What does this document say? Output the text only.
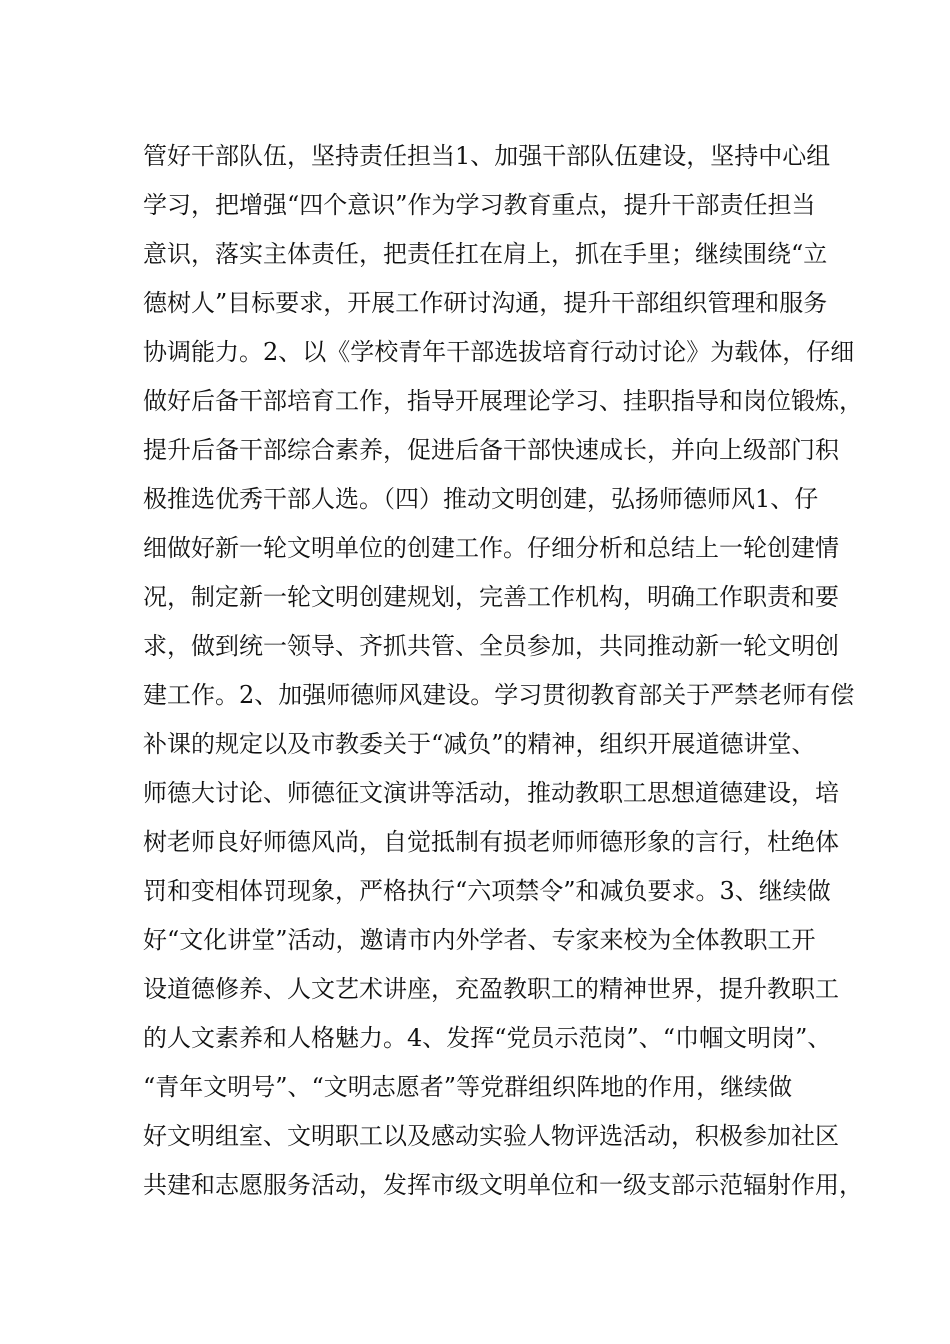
管好干部队伍，坚持责任担当1、加强干部队伍建设，坚持中心组
学习，把增强“四个意识”作为学习教育重点，提升干部责任担当
意识，落实主体责任，把责任扛在肩上，抓在手里；继续围绕“立
德树人”目标要求，开展工作研讨沟通，提升干部组织管理和服务
协调能力。2、以《学校青年干部选拔培育行动讨论》为载体，仔细
做好后备干部培育工作，指导开展理论学习、挂职指导和岗位锻炼，
提升后备干部综合素养，促进后备干部快速成长，并向上级部门积
极推选优秀干部人选。（四）推动文明创建，弘扬师德师风1、仔
细做好新一轮文明单位的创建工作。仔细分析和总结上一轮创建情
况，制定新一轮文明创建规划，完善工作机构，明确工作职责和要
求，做到统一领导、齐抓共管、全员参加，共同推动新一轮文明创
建工作。2、加强师德师风建设。学习贯彻教育部关于严禁老师有偿
补课的规定以及市教委关于“减负”的精神，组织开展道德讲堂、
师德大讨论、师德征文演讲等活动，推动教职工思想道德建设，培
树老师良好师德风尚，自觉抵制有损老师师德形象的言行，杜绝体
罚和变相体罚现象，严格执行“六项禁令”和减负要求。3、继续做
好“文化讲堂”活动，邀请市内外学者、专家来校为全体教职工开
设道德修养、人文艺术讲座，充盈教职工的精神世界，提升教职工
的人文素养和人格魅力。4、发挥“党员示范岗”、“巾帼文明岗”、
“青年文明号”、“文明志愿者”等党群组织阵地的作用，继续做
好文明组室、文明职工以及感动实验人物评选活动，积极参加社区
共建和志愿服务活动，发挥市级文明单位和一级支部示范辐射作用，
